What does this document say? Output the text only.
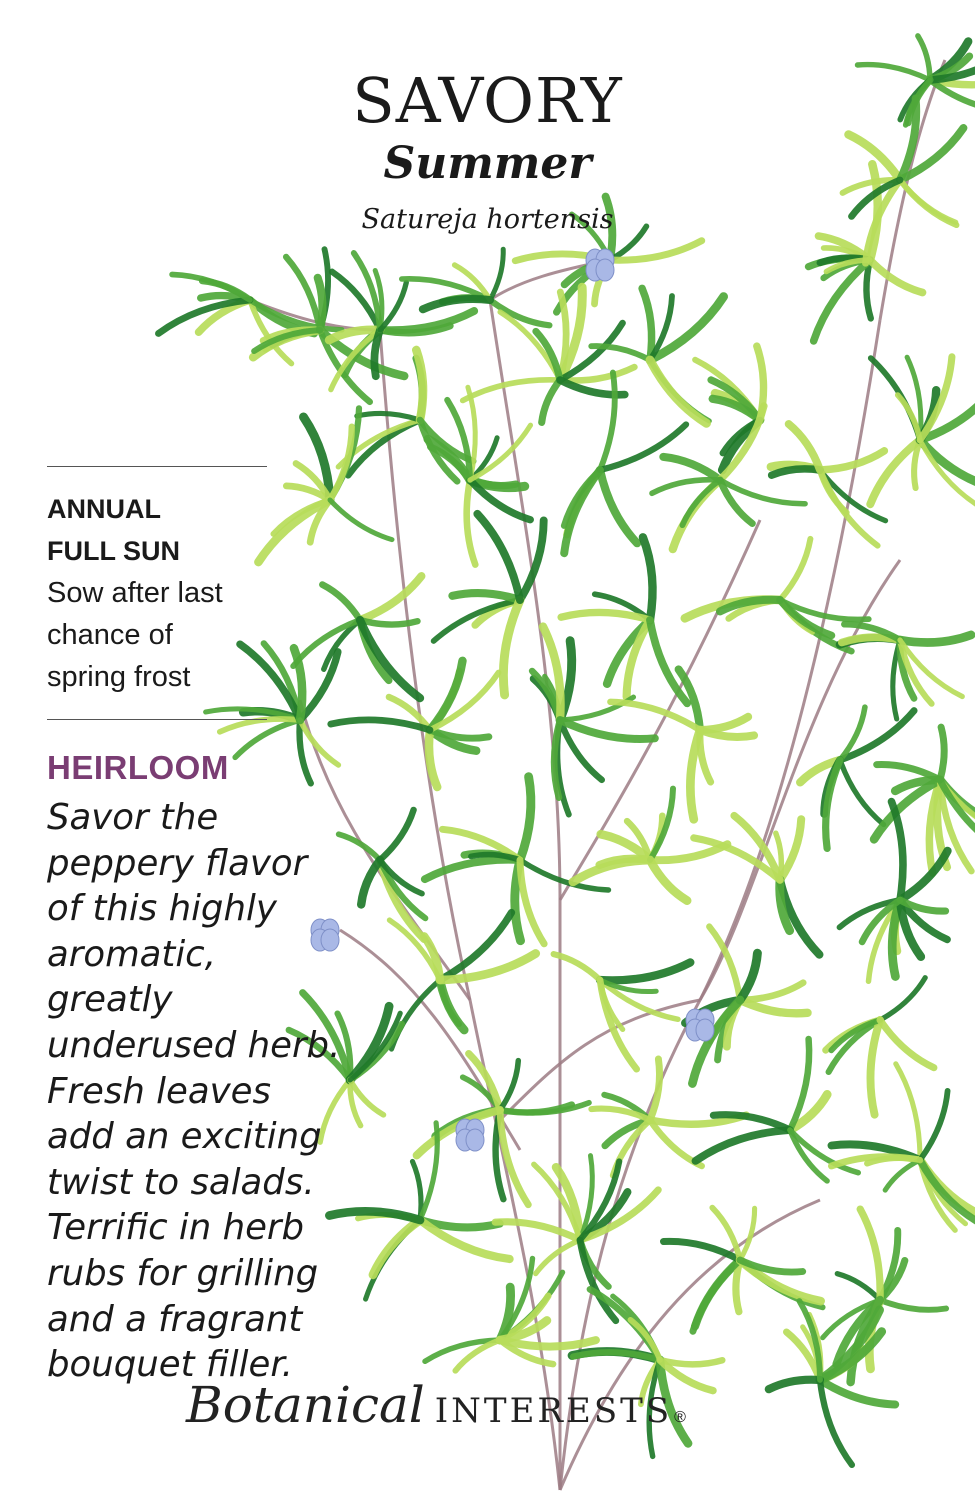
SAVORY
Summer
Satureja hortensis
ANNUAL
FULL SUN
Sow after last
chance of
spring frost
HEIRLOOM
Savor the
peppery flavor
of this highly
aromatic,
greatly
underused herb.
Fresh leaves
add an exciting
twist to salads.
Terrific in herb
rubs for grilling
and a fragrant
bouquet filler.
Botanical INTERESTS ®
